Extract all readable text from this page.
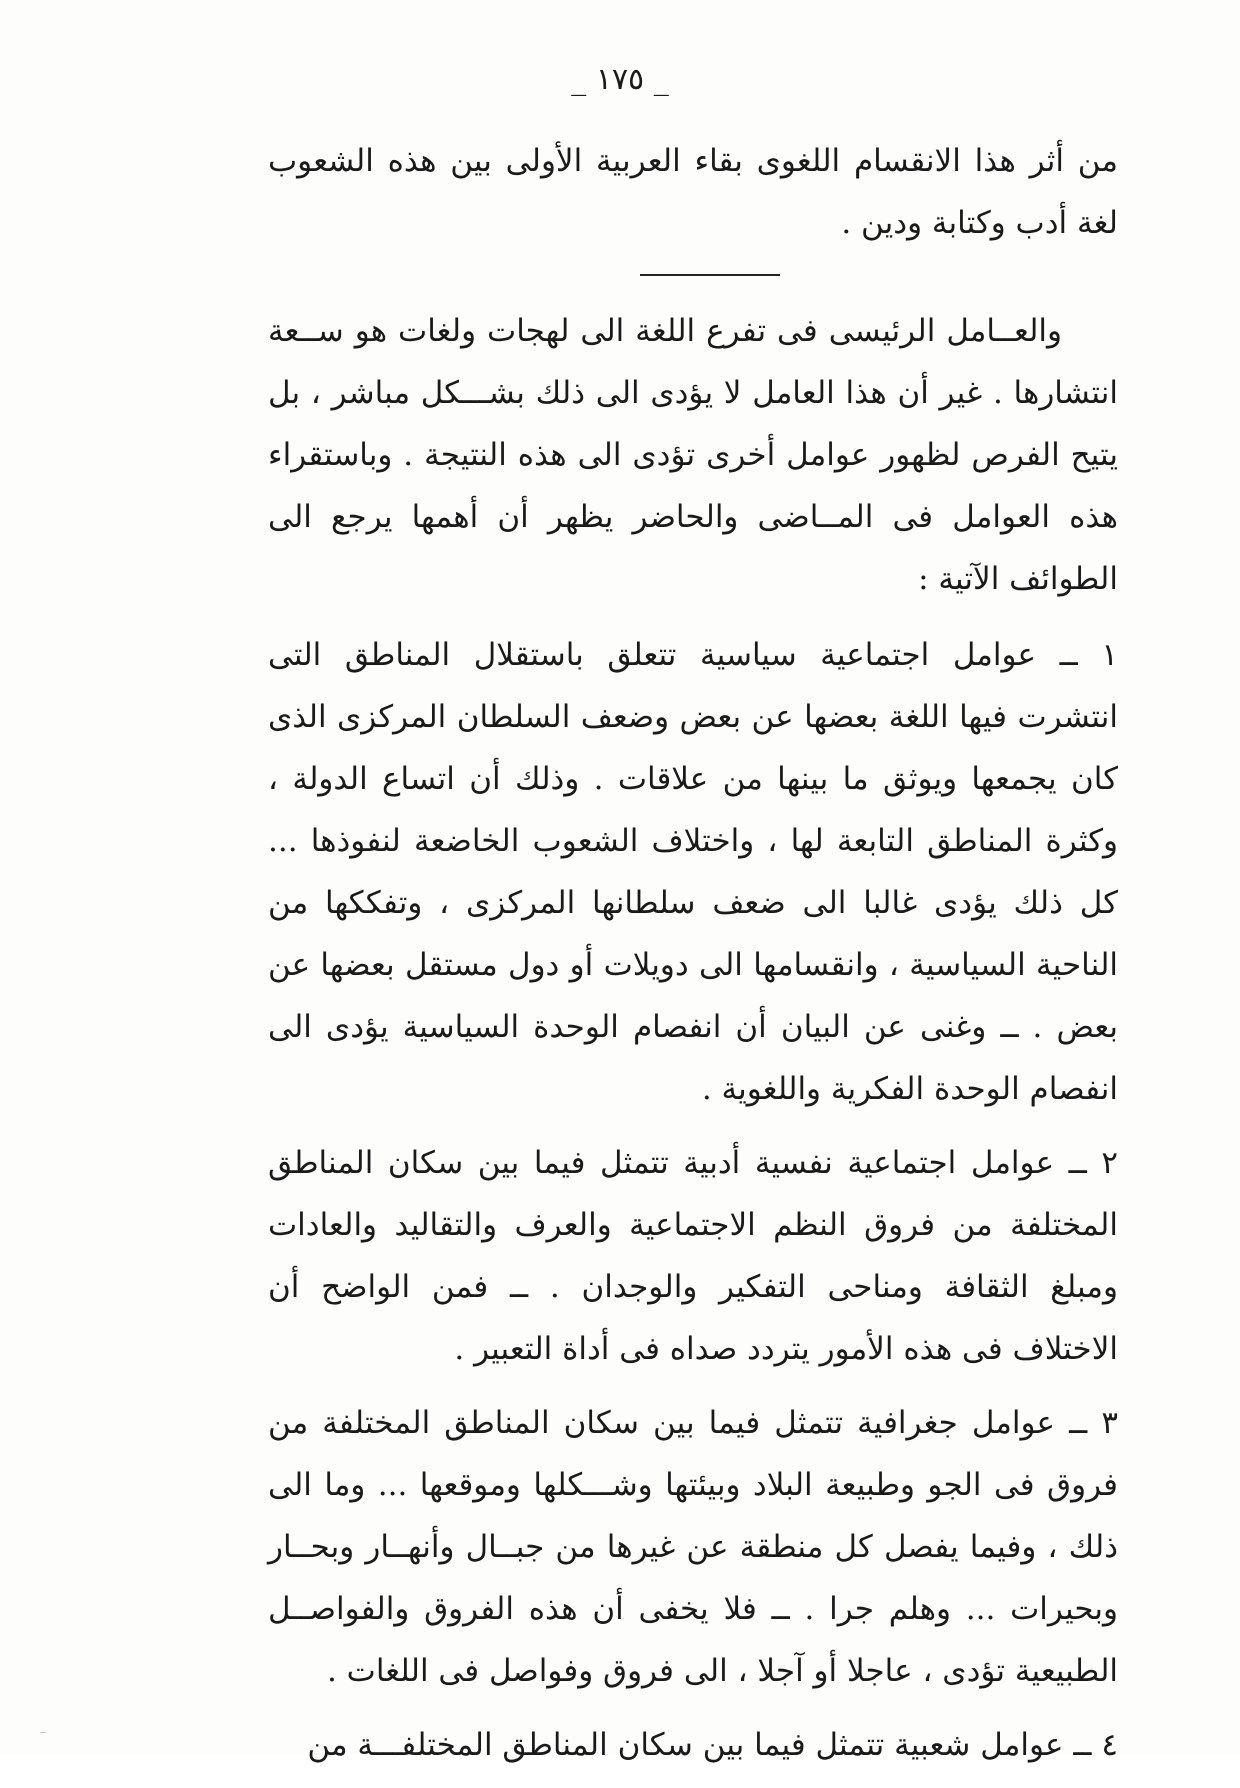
_ ١٧٥ _

من أثر هذا الانقسام اللغوى بقاء العربية الأولى بين هذه الشعوب لغة أدب وكتابة ودين .

والعــامل الرئيسى فى تفرع اللغة الى لهجات ولغات هو ســعة انتشارها . غير أن هذا العامل لا يؤدى الى ذلك بشـــكل مباشر ، بل يتيح الفرص لظهور عوامل أخرى تؤدى الى هذه النتيجة . وباستقراء هذه العوامل فى المــاضى والحاضر يظهر أن أهمها يرجع الى الطوائف الآتية :

١ ــ عوامل اجتماعية سياسية تتعلق باستقلال المناطق التى انتشرت فيها اللغة بعضها عن بعض وضعف السلطان المركزى الذى كان يجمعها ويوثق ما بينها من علاقات . وذلك أن اتساع الدولة ، وكثرة المناطق التابعة لها ، واختلاف الشعوب الخاضعة لنفوذها ... كل ذلك يؤدى غالبا الى ضعف سلطانها المركزى ، وتفككها من الناحية السياسية ، وانقسامها الى دويلات أو دول مستقل بعضها عن بعض . ــ وغنى عن البيان أن انفصام الوحدة السياسية يؤدى الى انفصام الوحدة الفكرية واللغوية .

٢ ــ عوامل اجتماعية نفسية أدبية تتمثل فيما بين سكان المناطق المختلفة من فروق النظم الاجتماعية والعرف والتقاليد والعادات ومبلغ الثقافة ومناحى التفكير والوجدان . ــ فمن الواضح أن الاختلاف فى هذه الأمور يتردد صداه فى أداة التعبير .

٣ ــ عوامل جغرافية تتمثل فيما بين سكان المناطق المختلفة من فروق فى الجو وطبيعة البلاد وبيئتها وشـــكلها وموقعها ... وما الى ذلك ، وفيما يفصل كل منطقة عن غيرها من جبــال وأنهــار وبحــار وبحيرات ... وهلم جرا . ــ فلا يخفى أن هذه الفروق والفواصــل الطبيعية تؤدى ، عاجلا أو آجلا ، الى فروق وفواصل فى اللغات .

٤ ــ عوامل شعبية تتمثل فيما بين سكان المناطق المختلفـــة من
